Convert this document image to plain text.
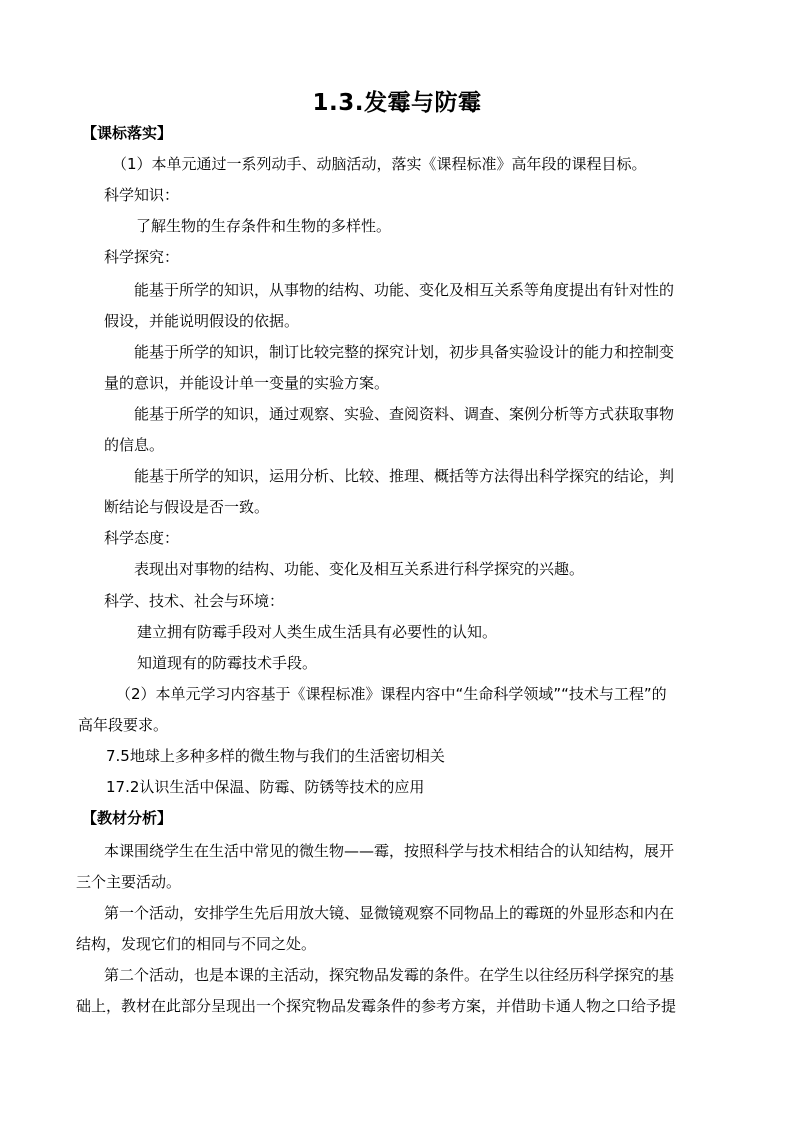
1.3.发霉与防霉
【课标落实】
（1）本单元通过一系列动手、动脑活动，落实《课程标准》高年段的课程目标。
科学知识：
了解生物的生存条件和生物的多样性。
科学探究：
能基于所学的知识，从事物的结构、功能、变化及相互关系等角度提出有针对性的
假设，并能说明假设的依据。
能基于所学的知识，制订比较完整的探究计划，初步具备实验设计的能力和控制变
量的意识，并能设计单一变量的实验方案。
能基于所学的知识，通过观察、实验、查阅资料、调查、案例分析等方式获取事物
的信息。
能基于所学的知识，运用分析、比较、推理、概括等方法得出科学探究的结论，判
断结论与假设是否一致。
科学态度：
表现出对事物的结构、功能、变化及相互关系进行科学探究的兴趣。
科学、技术、社会与环境：
建立拥有防霉手段对人类生成生活具有必要性的认知。
知道现有的防霉技术手段。
（2）本单元学习内容基于《课程标准》课程内容中“生命科学领域”“技术与工程”的
高年段要求。
7.5地球上多种多样的微生物与我们的生活密切相关
17.2认识生活中保温、防霉、防锈等技术的应用
【教材分析】
本课围绕学生在生活中常见的微生物——霉，按照科学与技术相结合的认知结构，展开
三个主要活动。
第一个活动，安排学生先后用放大镜、显微镜观察不同物品上的霉斑的外显形态和内在
结构，发现它们的相同与不同之处。
第二个活动，也是本课的主活动，探究物品发霉的条件。在学生以往经历科学探究的基
础上，教材在此部分呈现出一个探究物品发霉条件的参考方案，并借助卡通人物之口给予提
